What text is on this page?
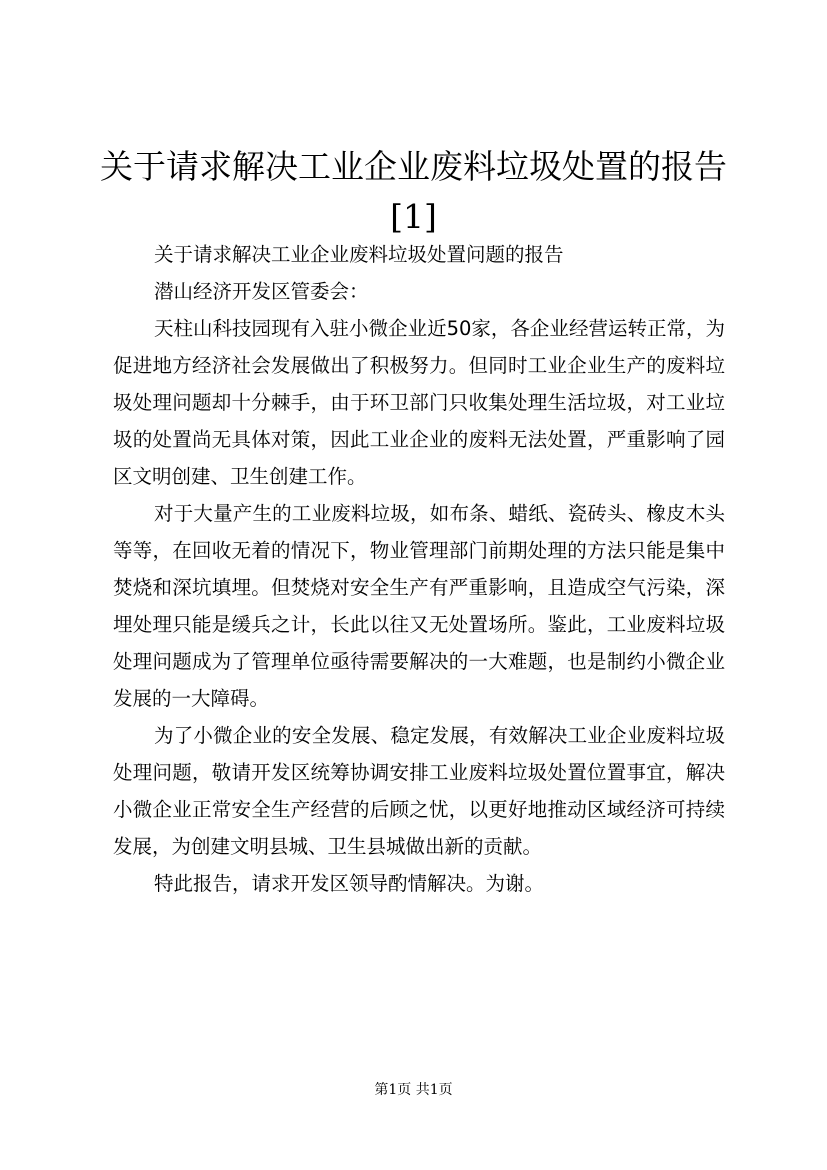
关于请求解决工业企业废料垃圾处置的报告[1]

关于请求解决工业企业废料垃圾处置问题的报告

潜山经济开发区管委会：

天柱山科技园现有入驻小微企业近50家，各企业经营运转正常，为促进地方经济社会发展做出了积极努力。但同时工业企业生产的废料垃圾处理问题却十分棘手，由于环卫部门只收集处理生活垃圾，对工业垃圾的处置尚无具体对策，因此工业企业的废料无法处置，严重影响了园区文明创建、卫生创建工作。

对于大量产生的工业废料垃圾，如布条、蜡纸、瓷砖头、橡皮木头等等，在回收无着的情况下，物业管理部门前期处理的方法只能是集中焚烧和深坑填埋。但焚烧对安全生产有严重影响，且造成空气污染，深埋处理只能是缓兵之计，长此以往又无处置场所。鉴此，工业废料垃圾处理问题成为了管理单位亟待需要解决的一大难题，也是制约小微企业发展的一大障碍。

为了小微企业的安全发展、稳定发展，有效解决工业企业废料垃圾处理问题，敬请开发区统筹协调安排工业废料垃圾处置位置事宜，解决小微企业正常安全生产经营的后顾之忧，以更好地推动区域经济可持续发展，为创建文明县城、卫生县城做出新的贡献。

特此报告，请求开发区领导酌情解决。为谢。

第1页 共1页
